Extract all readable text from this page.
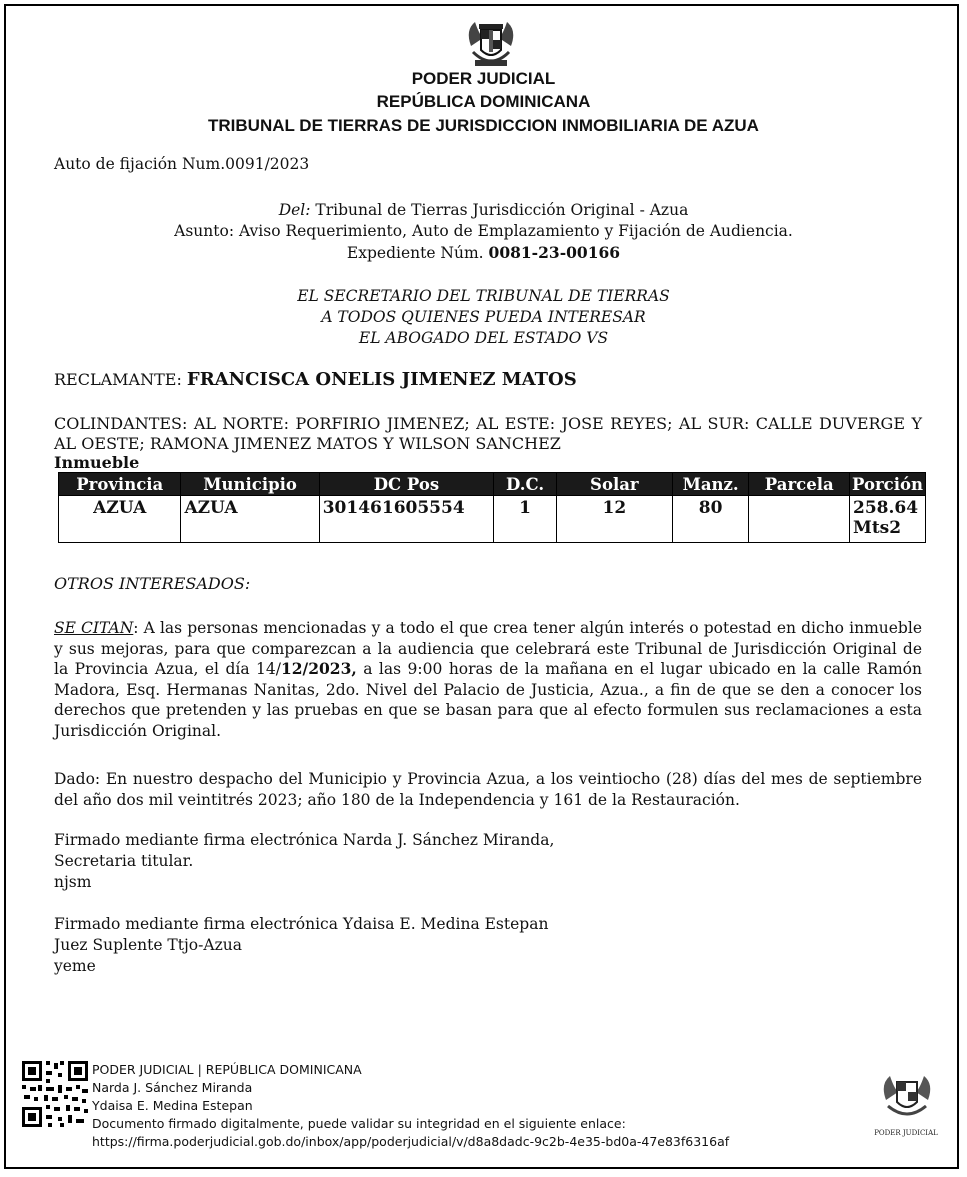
PODER JUDICIAL
REPÚBLICA DOMINICANA
TRIBUNAL DE TIERRAS DE JURISDICCION INMOBILIARIA DE AZUA
Auto de fijación Num.0091/2023
Del: Tribunal de Tierras Jurisdicción Original - Azua
Asunto: Aviso Requerimiento, Auto de Emplazamiento y Fijación de Audiencia.
Expediente Núm. 0081-23-00166
EL SECRETARIO DEL TRIBUNAL DE TIERRAS
A TODOS QUIENES PUEDA INTERESAR
EL ABOGADO DEL ESTADO VS
RECLAMANTE: FRANCISCA ONELIS JIMENEZ MATOS
COLINDANTES: AL NORTE: PORFIRIO JIMENEZ; AL ESTE: JOSE REYES; AL SUR: CALLE DUVERGE Y AL OESTE; RAMONA JIMENEZ MATOS Y WILSON SANCHEZ
Inmueble
Provincia	Municipio	DC Pos	D.C.	Solar	Manz.	Parcela	Porción
AZUA	AZUA	301461605554	1	12	80		258.64 Mts2
OTROS INTERESADOS:
SE CITAN: A las personas mencionadas y a todo el que crea tener algún interés o potestad en dicho inmueble y sus mejoras, para que comparezcan a la audiencia que celebrará este Tribunal de Jurisdicción Original de la Provincia Azua, el día 14/12/2023, a las 9:00 horas de la mañana en el lugar ubicado en la calle Ramón Madora, Esq. Hermanas Nanitas, 2do. Nivel del Palacio de Justicia, Azua., a fin de que se den a conocer los derechos que pretenden y las pruebas en que se basan para que al efecto formulen sus reclamaciones a esta Jurisdicción Original.
Dado: En nuestro despacho del Municipio y Provincia Azua, a los veintiocho (28) días del mes de septiembre del año dos mil veintitrés 2023; año 180 de la Independencia y 161 de la Restauración.
Firmado mediante firma electrónica Narda J. Sánchez Miranda,
Secretaria titular.
njsm
Firmado mediante firma electrónica Ydaisa E. Medina Estepan
Juez Suplente Ttjo-Azua
yeme
PODER JUDICIAL | REPÚBLICA DOMINICANA
Narda J. Sánchez Miranda
Ydaisa E. Medina Estepan
Documento firmado digitalmente, puede validar su integridad en el siguiente enlace:
https://firma.poderjudicial.gob.do/inbox/app/poderjudicial/v/d8a8dadc-9c2b-4e35-bd0a-47e83f6316af
PODER JUDICIAL
